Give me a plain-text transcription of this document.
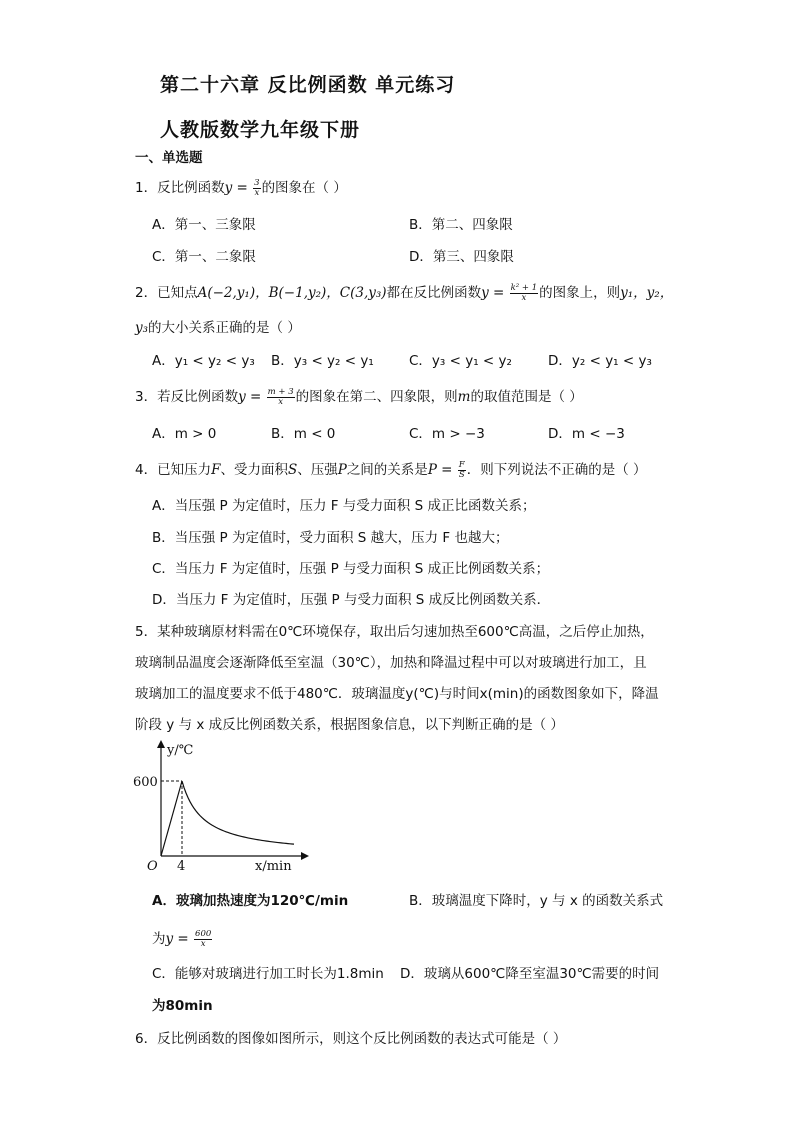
第二十六章 反比例函数 单元练习
人教版数学九年级下册
一、单选题
1．反比例函数$y = \frac{3}{x}$ 的图象在（ ）
A．第一、三象限	B．第二、四象限
C．第一、二象限	D．第三、四象限
2．已知点A(−2,y₁)，B(−1,y₂)，C(3,y₃)都在反比例函数$y = \frac{\text{k² + 1}}{x}$ 的图象上，则y₁，y₂，
y₃的大小关系正确的是（ ）
A．y₁ < y₂ < y₃ B．y₃ < y₂ < y₁	C．y₃ < y₁ < y₂	D．y₂ < y₁ < y₃
3．若反比例函数$y = \frac{m + 3}{x}$ 的图象在第二、四象限，则m的取值范围是（ ）
A．m > 0	B．m < 0	C．m > −3	D．m < −3
4．已知压力F、受力面积S、压强P之间的关系是$P = \frac{F}{S}$ ．则下列说法不正确的是（ ）
A．当压强 P 为定值时，压力 F 与受力面积 S 成正比函数关系；
B．当压强 P 为定值时，受力面积 S 越大，压力 F 也越大；
C．当压力 F 为定值时，压强 P 与受力面积 S 成正比例函数关系；
D．当压力 F 为定值时，压强 P 与受力面积 S 成反比例函数关系．
5．某种玻璃原材料需在0℃环境保存，取出后匀速加热至600℃高温，之后停止加热，
玻璃制品温度会逐渐降低至室温（30℃），加热和降温过程中可以对玻璃进行加工，且
玻璃加工的温度要求不低于480℃．玻璃温度y(℃)与时间x(min)的函数图象如下，降温
阶段 y 与 x 成反比例函数关系，根据图象信息，以下判断正确的是（ ）
y/℃
600
4
O	x/min
A．玻璃加热速度为120℃/min	B．玻璃温度下降时，y 与 x 的函数关系式
为$y = \frac{600}{x}$
C．能够对玻璃进行加工时长为1.8min D．玻璃从600℃降至室温30℃需要的时间
为80min
6．反比例函数的图像如图所示，则这个反比例函数的表达式可能是（ ）
